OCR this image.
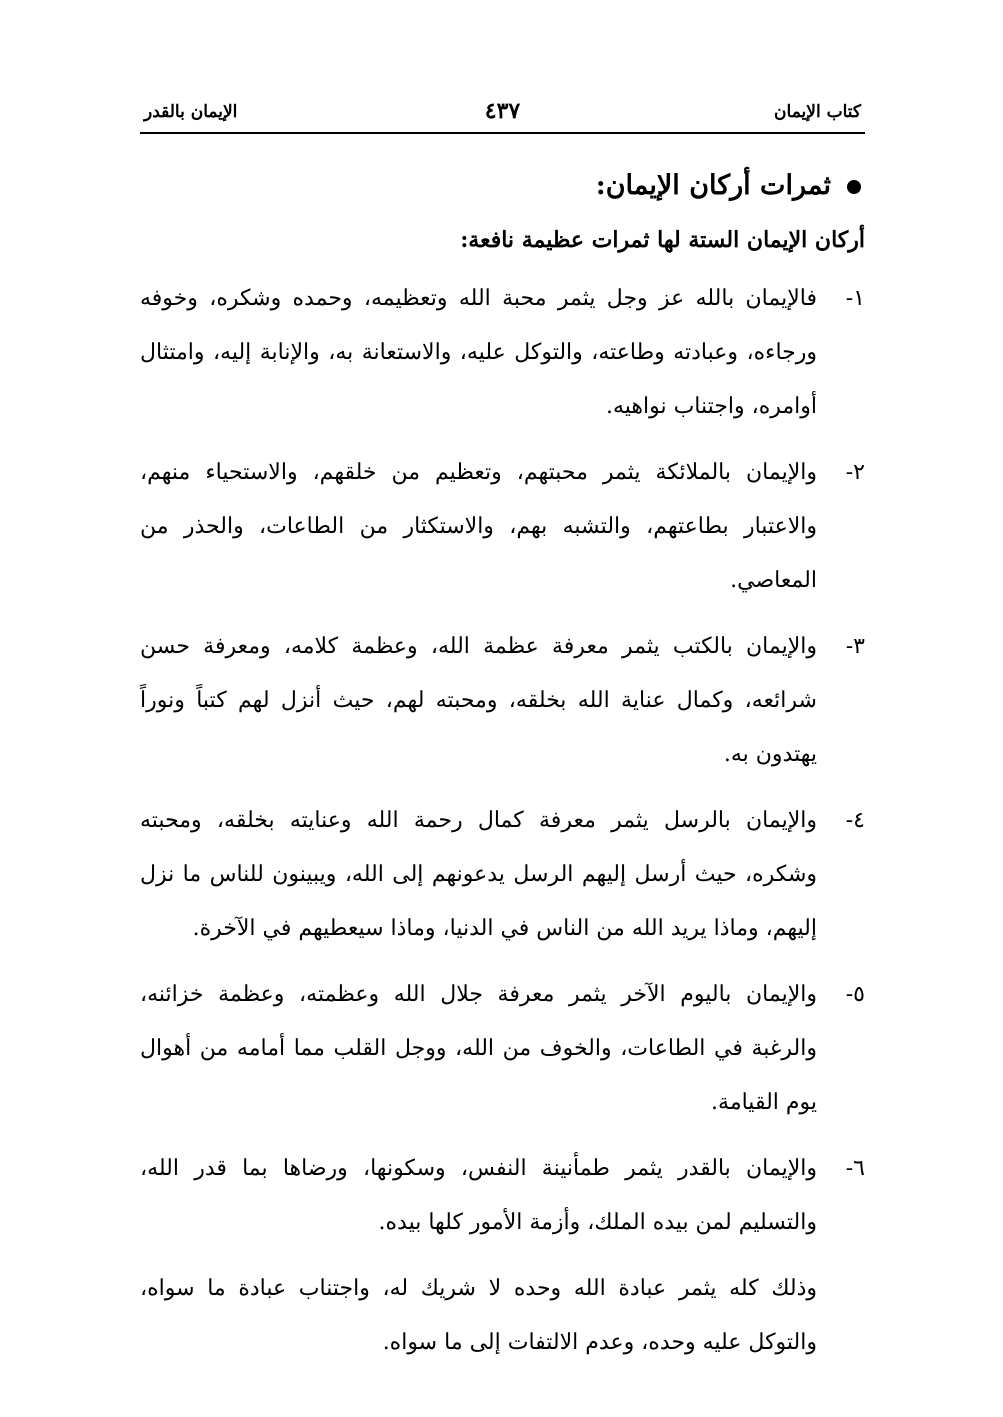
كتاب الإيمان
٤٣٧
الإيمان بالقدر
ثمرات أركان الإيمان:

أركان الإيمان الستة لها ثمرات عظيمة نافعة:

١-
فالإيمان بالله عز وجل يثمر محبة الله وتعظيمه، وحمده وشكره، وخوفه ورجاءه، وعبادته وطاعته، والتوكل عليه، والاستعانة به، والإنابة إليه، وامتثال أوامره، واجتناب نواهيه.

٢-
والإيمان بالملائكة يثمر محبتهم، وتعظيم من خلقهم، والاستحياء منهم، والاعتبار بطاعتهم، والتشبه بهم، والاستكثار من الطاعات، والحذر من المعاصي.

٣-
والإيمان بالكتب يثمر معرفة عظمة الله، وعظمة كلامه، ومعرفة حسن شرائعه، وكمال عناية الله بخلقه، ومحبته لهم، حيث أنزل لهم كتباً ونوراً يهتدون به.

٤-
والإيمان بالرسل يثمر معرفة كمال رحمة الله وعنايته بخلقه، ومحبته وشكره، حيث أرسل إليهم الرسل يدعونهم إلى الله، ويبينون للناس ما نزل إليهم، وماذا يريد الله من الناس في الدنيا، وماذا سيعطيهم في الآخرة.

٥-
والإيمان باليوم الآخر يثمر معرفة جلال الله وعظمته، وعظمة خزائنه، والرغبة في الطاعات، والخوف من الله، ووجل القلب مما أمامه من أهوال يوم القيامة.

٦-
والإيمان بالقدر يثمر طمأنينة النفس، وسكونها، ورضاها بما قدر الله، والتسليم لمن بيده الملك، وأزمة الأمور كلها بيده.

وذلك كله يثمر عبادة الله وحده لا شريك له، واجتناب عبادة ما سواه، والتوكل عليه وحده، وعدم الالتفات إلى ما سواه.
